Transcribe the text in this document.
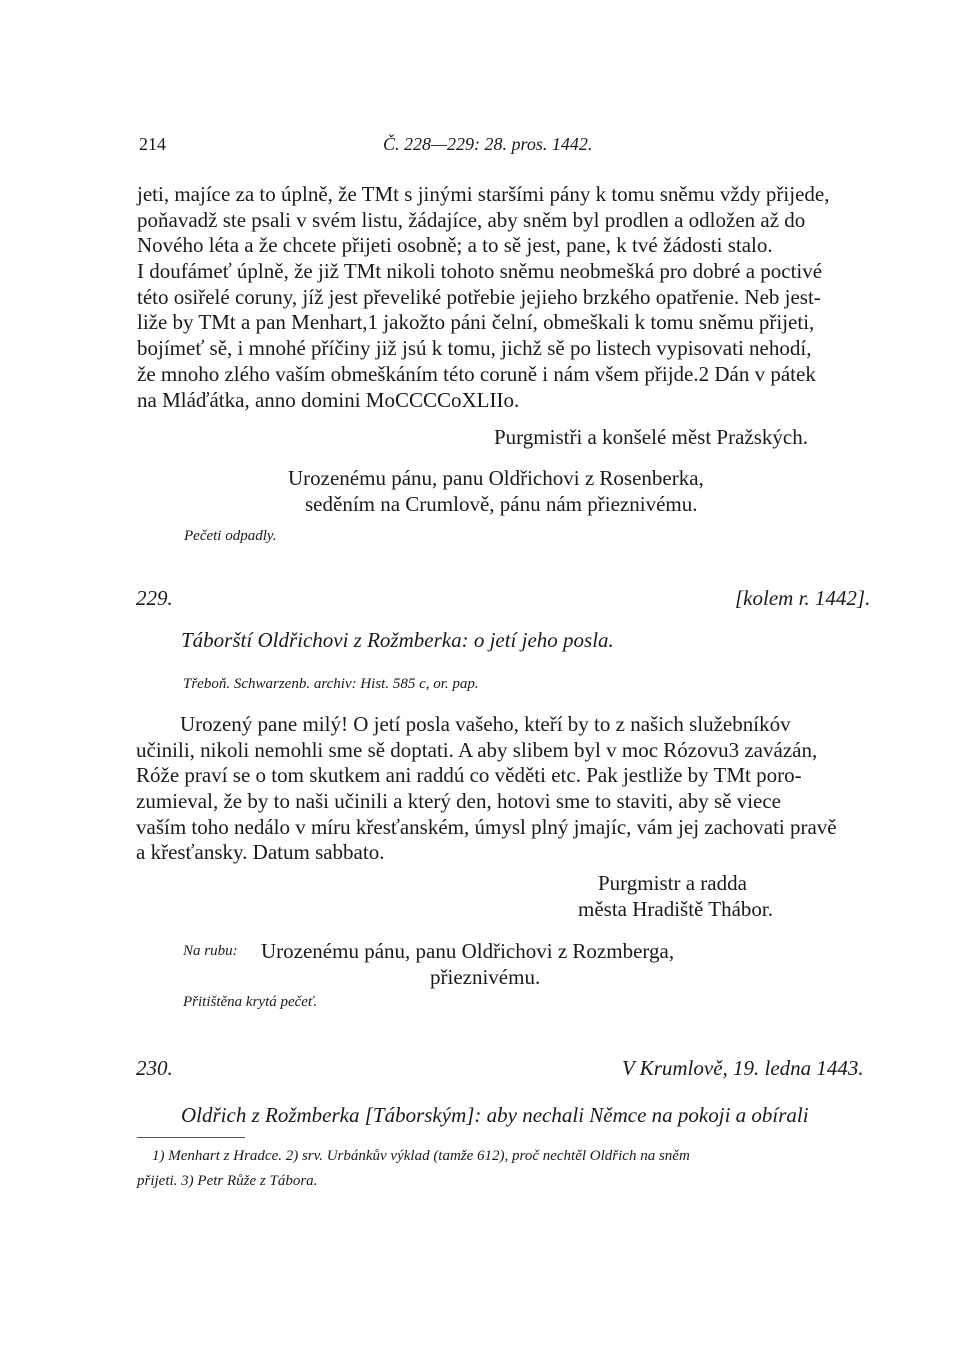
214	Č. 228—229: 28. pros. 1442.
jeti, majíce za to úplně, že TMt s jinými staršími pány k tomu sněmu vždy přijede,
poňavadž ste psali v svém listu, žádajíce, aby sněm byl prodlen a odložen až do
Nového léta a že chcete přijeti osobně; a to sě jest, pane, k tvé žádosti stalo.
I doufámeť úplně, že již TMt nikoli tohoto sněmu neobmešká pro dobré a poctivé
této osiřelé coruny, jíž jest převeliké potřebie jejieho brzkého opatřenie. Neb jest-
liže by TMt a pan Menhart,1 jakožto páni čelní, obmeškali k tomu sněmu přijeti,
bojímeť sě, i mnohé příčiny již jsú k tomu, jichž sě po listech vypisovati nehodí,
že mnoho zlého vaším obmeškáním této coruně i nám všem přijde.2 Dán v pátek
na Mláďátka, anno domini MoCCCCoXLIIo.
Purgmistři a konšelé měst Pražských.
Urozenému pánu, panu Oldřichovi z Rosenberka,
seděním na Crumlově, pánu nám přieznivému.
Pečeti odpadly.
229.	[kolem r. 1442].
Táborští Oldřichovi z Rožmberka: o jetí jeho posla.
Třeboň. Schwarzenb. archiv: Hist. 585 c, or. pap.
Urozený pane milý! O jetí posla vašeho, kteří by to z našich služebníkóv
učinili, nikoli nemohli sme sě doptati. A aby slibem byl v moc Rózovu3 zavázán,
Róže praví se o tom skutkem ani raddú co věděti etc. Pak jestliže by TMt poro-
zumieval, že by to naši učinili a který den, hotovi sme to staviti, aby sě viece
vaším toho nedálo v míru křesťanském, úmysl plný jmajíc, vám jej zachovati pravě
a křesťansky. Datum sabbato.
Purgmistr a radda
města Hradiště Thábor.
Na rubu: Urozenému pánu, panu Oldřichovi z Rozmberga,
přieznivému.
Přitištěna krytá pečeť.
230.	V Krumlově, 19. ledna 1443.
Oldřich z Rožmberka [Táborským]: aby nechali Němce na pokoji a obírali
1) Menhart z Hradce. 2) srv. Urbánkův výklad (tamže 612), proč nechtěl Oldřich na sněm
přijeti. 3) Petr Růže z Tábora.
